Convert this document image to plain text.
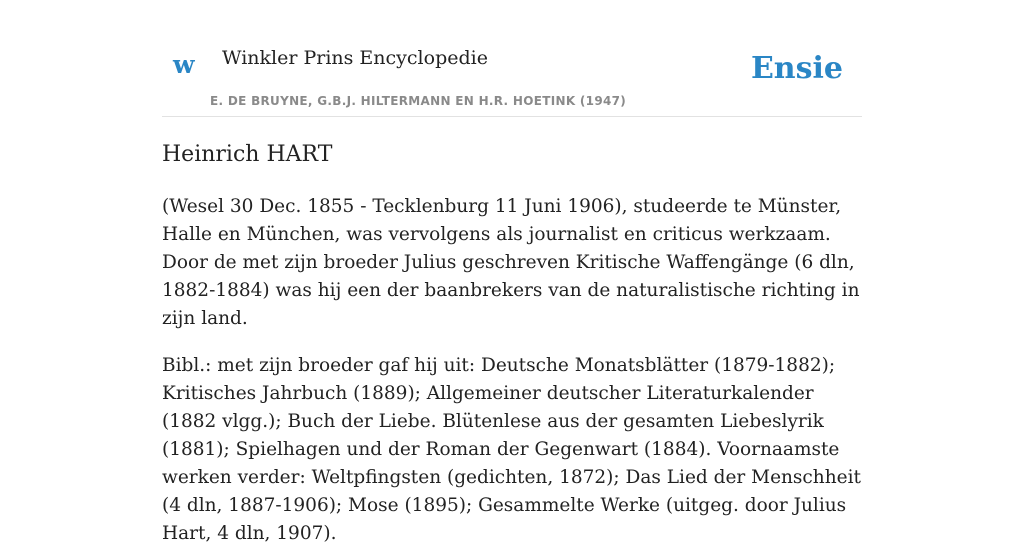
w Winkler Prins Encyclopedie
E. DE BRUYNE, G.B.J. HILTERMANN EN H.R. HOETINK (1947)
Ensie
Heinrich HART

(Wesel 30 Dec. 1855 - Tecklenburg 11 Juni 1906), studeerde te Münster, Halle en München, was vervolgens als journalist en criticus werkzaam. Door de met zijn broeder Julius geschreven Kritische Waffengänge (6 dln, 1882-1884) was hij een der baanbrekers van de naturalistische richting in zijn land.

Bibl.: met zijn broeder gaf hij uit: Deutsche Monatsblätter (1879-1882); Kritisches Jahrbuch (1889); Allgemeiner deutscher Literaturkalender (1882 vlgg.); Buch der Liebe. Blütenlese aus der gesamten Liebeslyrik (1881); Spielhagen und der Roman der Gegenwart (1884). Voornaamste werken verder: Weltpfingsten (gedichten, 1872); Das Lied der Menschheit (4 dln, 1887-1906); Mose (1895); Gesammelte Werke (uitgeg. door Julius Hart, 4 dln, 1907).
